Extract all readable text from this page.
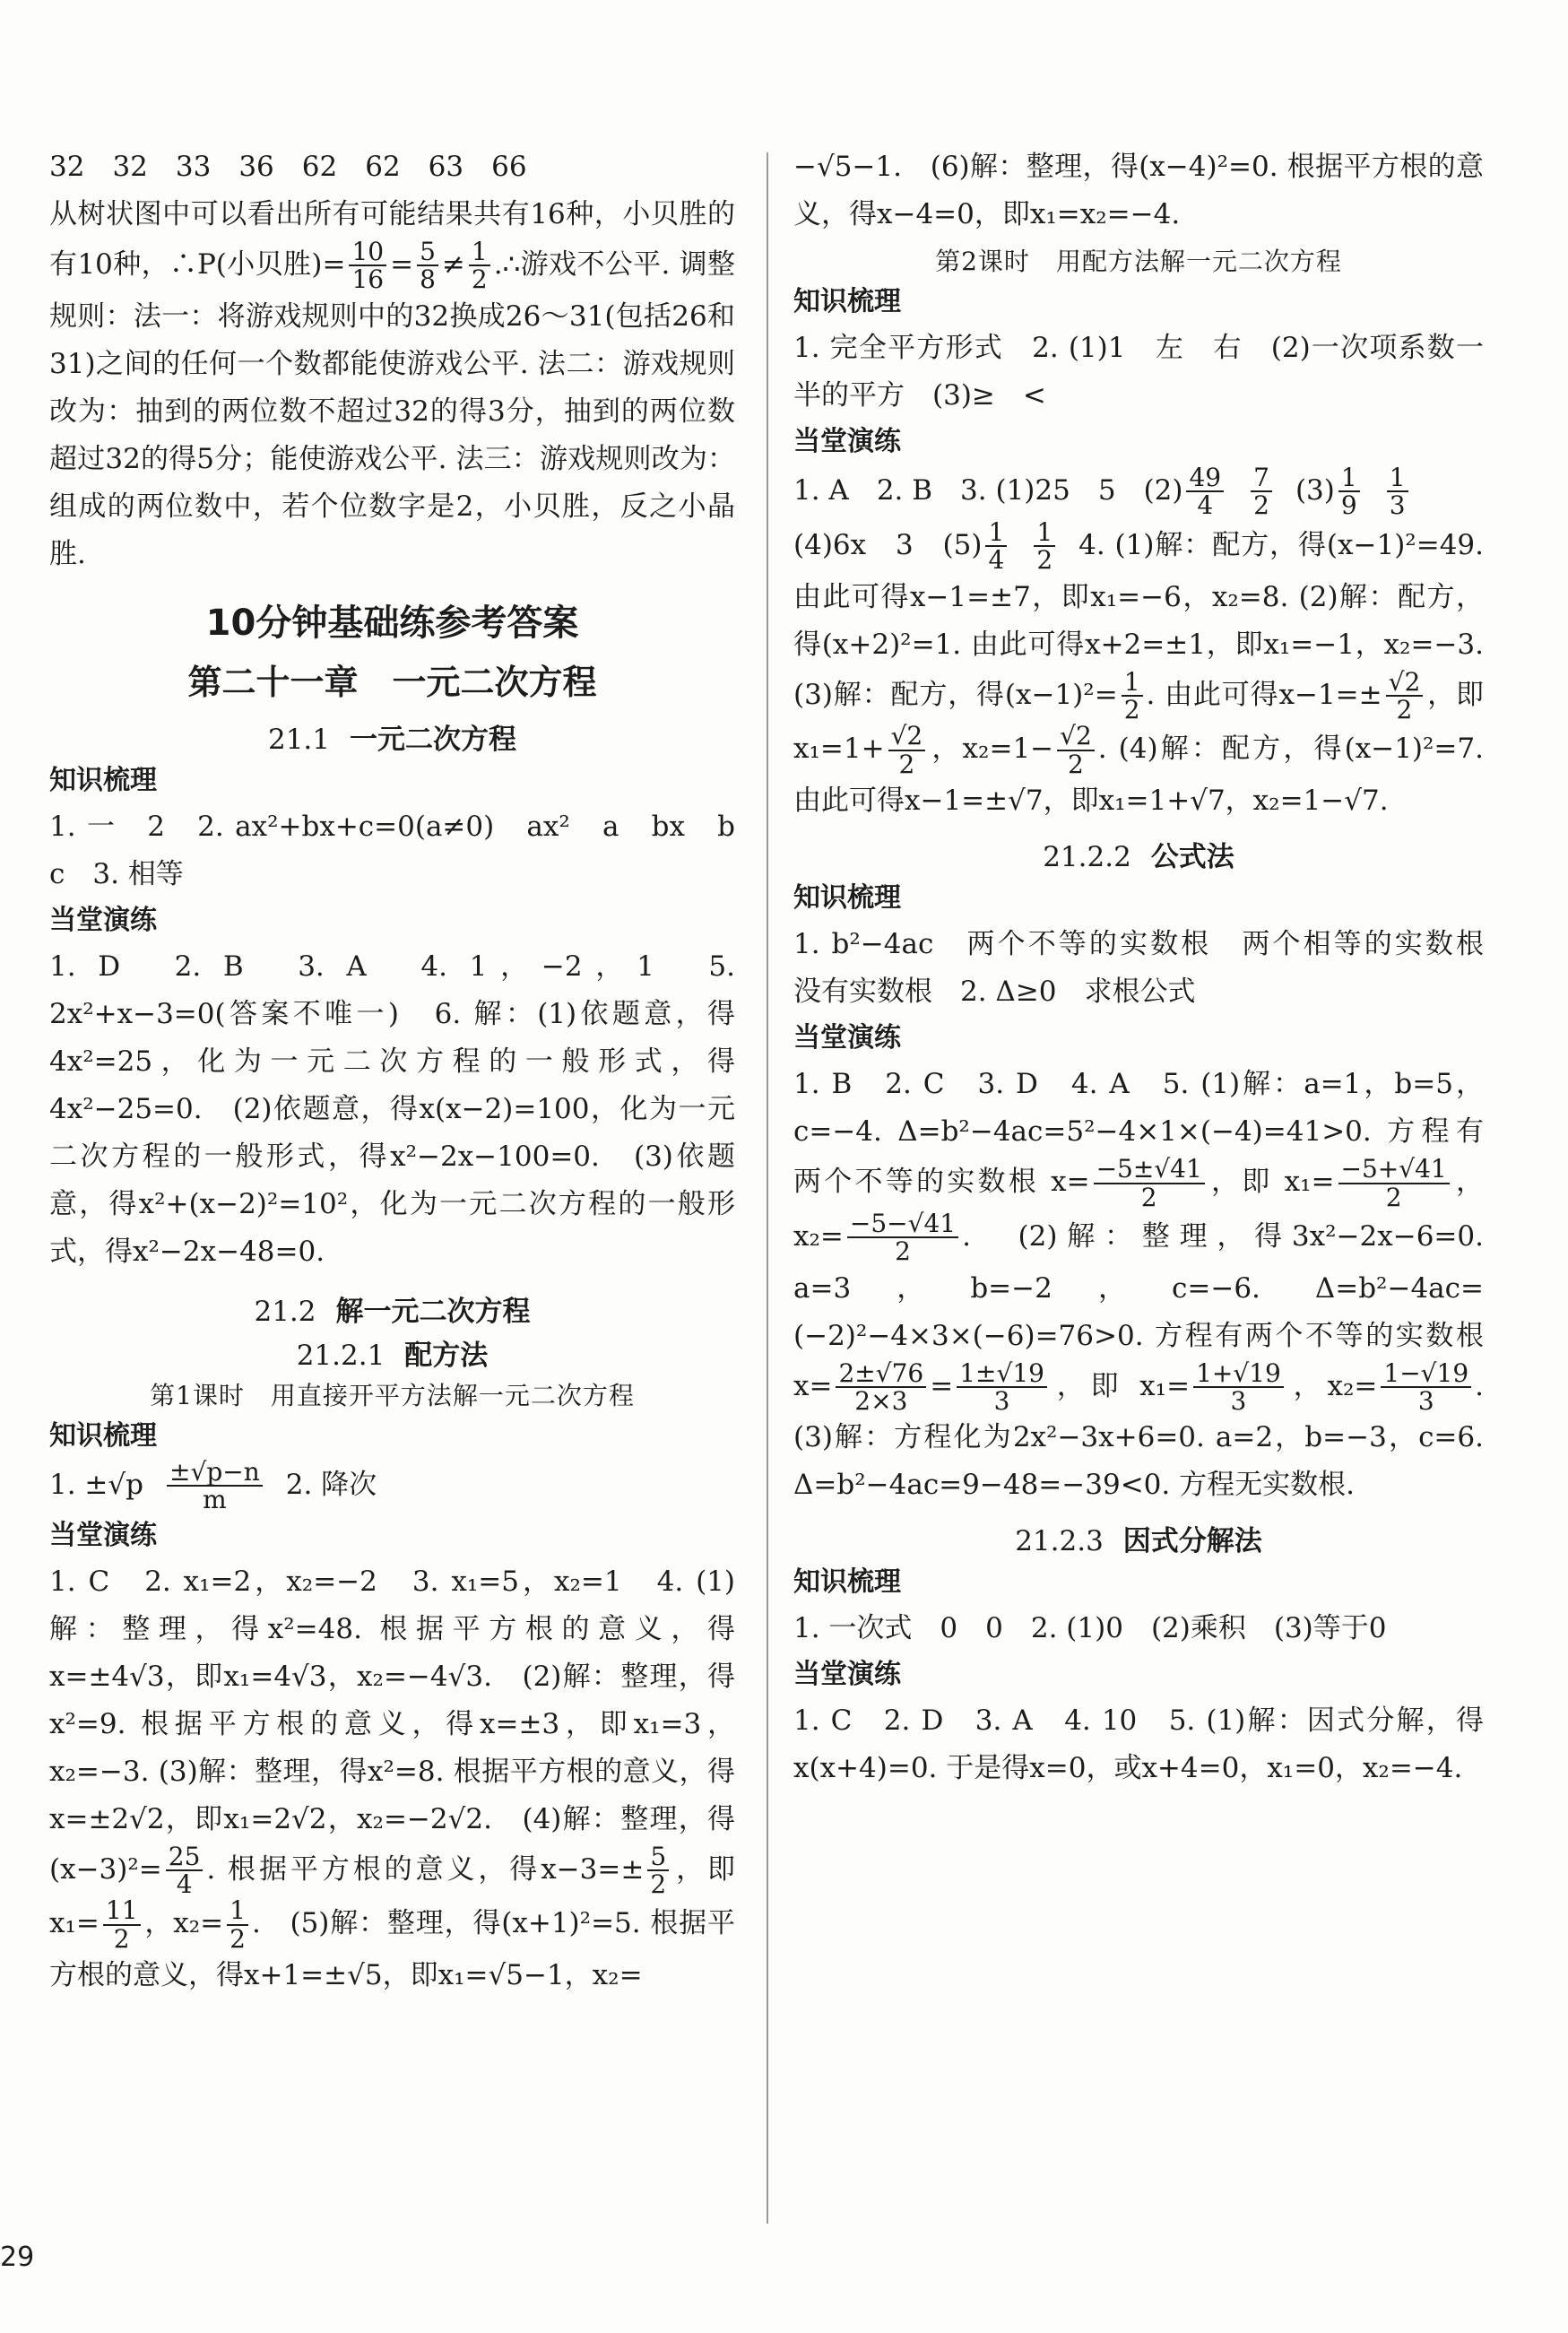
32　32　33　36　62　62　63　66

从树状图中可以看出所有可能结果共有16种，小贝胜的有10种，∴P(小贝胜)= $\frac{10}{16} = \frac{5}{8} \ne \frac{1}{2}$ .∴游戏不公平. 调整规则：法一：将游戏规则中的32换成26～31(包括26和31)之间的任何一个数都能使游戏公平. 法二：游戏规则改为：抽到的两位数不超过32的得3分，抽到的两位数超过32的得5分；能使游戏公平. 法三：游戏规则改为：组成的两位数中，若个位数字是2，小贝胜，反之小晶胜.

10分钟基础练参考答案
第二十一章　一元二次方程
21.1 一元二次方程
知识梳理

1. 一　2　2. ax²+bx+c=0(a≠0)　ax²　a　bx　b　c　3. 相等

当堂演练

1. D　2. B　3. A　4. 1，−2，1　5. 2x²+x−3=0(答案不唯一)　6. 解：(1)依题意，得4x²=25，化为一元二次方程的一般形式，得4x²−25=0.　(2)依题意，得x(x−2)=100，化为一元二次方程的一般形式，得x²−2x−100=0.　(3)依题意，得x²+(x−2)²=10²，化为一元二次方程的一般形式，得x²−2x−48=0.

21.2 解一元二次方程
21.2.1 配方法
第1课时　用直接开平方法解一元二次方程
知识梳理

1. $\pm√p \frac{\pm√p-n}{m} 2$. 降次

当堂演练

1. C　2. x₁=2，x₂=−2　3. x₁=5，x₂=1　4. (1)解：整理，得x²=48. 根据平方根的意义，得x=±4√3，即x₁=4√3，x₂=−4√3.　(2)解：整理，得x²=9. 根据平方根的意义，得x=±3，即x₁=3，x₂=−3. (3)解：整理，得x²=8. 根据平方根的意义，得x=±2√2，即x₁=2√2，x₂=−2√2.　(4)解：整理，得$(x-3)^2= \frac{25}{4}$ . 根据平方根的意义，得$x-3=\pm \frac{5}{2}$ ，即$x_1= \frac{11}{2}$ ，$x_2= \frac{1}{2}$ .　(5)解：整理，得(x+1)²=5. 根据平方根的意义，得x+1=±√5，即x₁=√5−1，x₂=

−√5−1.　(6)解：整理，得(x−4)²=0. 根据平方根的意义，得x−4=0，即x₁=x₂=−4.

第2课时　用配方法解一元二次方程
知识梳理

1. 完全平方形式　2. (1)1　左　右　(2)一次项系数一半的平方　(3)≥　<

当堂演练

1. A　2. B　3. (1)25　5　$(2) \frac{49}{4} \frac{7}{2} (3) \frac{1}{9} \frac{1}{3}$

(4)6x　3　$(5) \frac{1}{4} \frac{1}{2} 4$. (1)解：配方，得(x−1)²=49. 由此可得x−1=±7，即x₁=−6，x₂=8. (2)解：配方，得(x+2)²=1. 由此可得x+2=±1，即x₁=−1，x₂=−3.　(3)解：配方，得$(x-1)^2= \frac{1}{2}$ . 由此可得$x-1=\pm \frac{√2}{2}$ ，即$x_1=1+ \frac{√2}{2}$ ，$x_2=1- \frac{√2}{2}$ . (4)解：配方，得(x−1)²=7. 由此可得x−1=±√7，即x₁=1+√7，x₂=1−√7.

21.2.2 公式法
知识梳理

1. b²−4ac　两个不等的实数根　两个相等的实数根　没有实数根　2. Δ≥0　求根公式

当堂演练

1. B　2. C　3. D　4. A　5. (1)解：a=1，b=5，c=−4. Δ=b²−4ac=5²−4×1×(−4)=41>0. 方程有两个不等的实数根 $x= \frac{-5\pm√41}{2}$ ，即 $x_1= \frac{-5+√41}{2}$ ，$x_2= \frac{-5-√41}{2}$ .　(2)解：整理，得3x²−2x−6=0. a=3，b=−2，c=−6. Δ=b²−4ac=(−2)²−4×3×(−6)=76>0. 方程有两个不等的实数根 $x= \frac{2\pm√76}{2\times 3} = \frac{1\pm√19}{3}$ ，即 $x_1= \frac{1+√19}{3}$ ，$x_2= \frac{1-√19}{3}$ .　(3)解：方程化为2x²−3x+6=0. a=2，b=−3，c=6. Δ=b²−4ac=9−48=−39<0. 方程无实数根.

21.2.3 因式分解法
知识梳理

1. 一次式　0　0　2. (1)0　(2)乘积　(3)等于0

当堂演练

1. C　2. D　3. A　4. 10　5. (1)解：因式分解，得x(x+4)=0. 于是得x=0，或x+4=0，x₁=0，x₂=−4.

29
